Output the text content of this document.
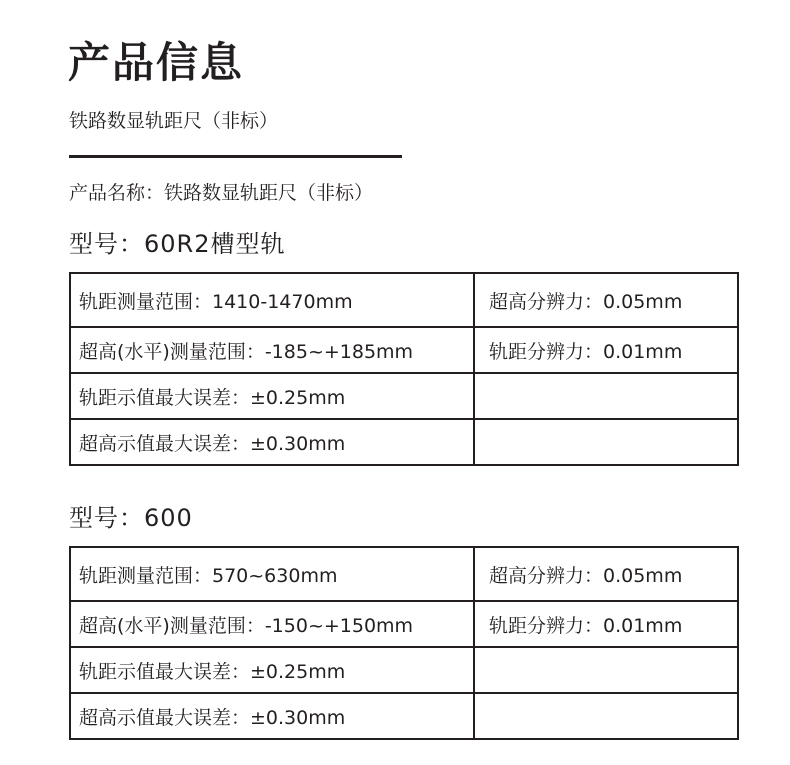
产品信息
铁路数显轨距尺（非标）
产品名称：铁路数显轨距尺（非标）
型号：60R2槽型轨
轨距测量范围：1410-1470mm	超高分辨力：0.05mm
超高(水平)测量范围：-185~+185mm	轨距分辨力：0.01mm
轨距示值最大误差：±0.25mm	
超高示值最大误差：±0.30mm	
型号：600
轨距测量范围：570~630mm	超高分辨力：0.05mm
超高(水平)测量范围：-150~+150mm	轨距分辨力：0.01mm
轨距示值最大误差：±0.25mm	
超高示值最大误差：±0.30mm	
